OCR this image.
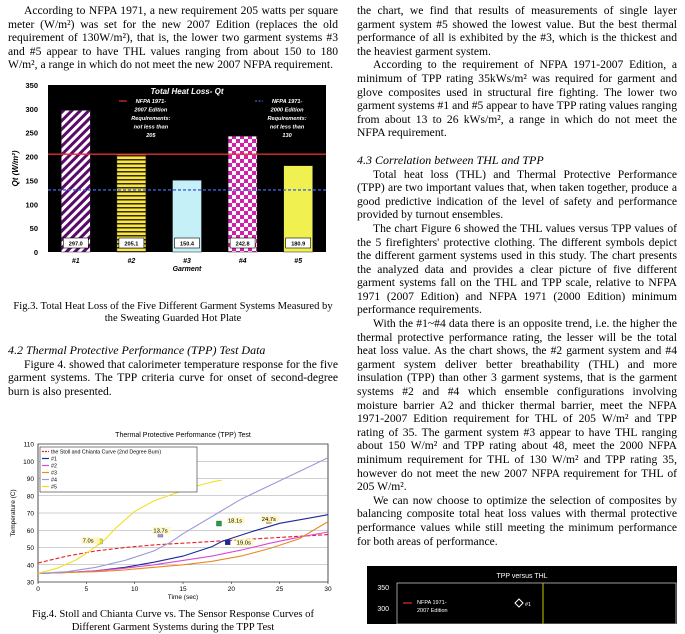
According to NFPA 1971, a new requirement 205 watts per square meter (W/m²) was set for the new 2007 Edition (replaces the old requirement of 130W/m²), that is, the lower two garment systems #3 and #5 appear to have THL values ranging from about 150 to 180 W/m², a range in which do not meet the new 2007 NFPA requirement.

Total Heat Loss- Qt
0
50
100
150
200
250
300
350
Qt (W/m²)
297.0
#1
205.1
#2
150.4
#3
242.8
#4
180.9
#5
Garment
NFPA 1971-
2007 Edition
Requirements:
not less than
205
NFPA 1971-
2000 Edition
Requirements:
not less than
130

Fig.3. Total Heat Loss of the Five Different Garment Systems Measured by the Sweating Guarded Hot Plate

4.2 Thermal Protective Performance (TPP) Test Data

Figure 4. showed that calorimeter temperature response for the five garment systems. The TPP criteria curve for onset of second-degree burn is also presented.

Thermal Protective Performance (TPP) Test
30
40
50
60
70
80
90
100
110
0	5	10	15	20	25	30
Time (sec)
Temperature (C)
the Stoll and Chianta Curve (2nd Degree Burn)
#1
#2
#3
#4
#5
7.0s
13.7s
18.1s
19.0s
24.7s

Fig.4. Stoll and Chianta Curve vs. The Sensor Response Curves of

Different Garment Systems during the TPP Test

the chart, we find that results of measurements of single layer garment system #5 showed the lowest value. But the best thermal performance of all is exhibited by the #3, which is the thickest and the heaviest garment system.

According to the requirement of NFPA 1971-2007 Edition, a minimum of TPP rating 35kWs/m² was required for garment and glove composites used in structural fire fighting. The lower two garment systems #1 and #5 appear to have TPP rating values ranging from about 13 to 26 kWs/m², a range in which do not meet the NFPA requirement.

4.3 Correlation between THL and TPP

Total heat loss (THL) and Thermal Protective Performance (TPP) are two important values that, when taken together, produce a good predictive indication of the level of safety and performance provided by turnout ensembles.

The chart Figure 6 showed the THL values versus TPP values of the 5 firefighters' protective clothing. The different symbols depict the different garment systems used in this study. The chart presents the analyzed data and provides a clear picture of five different garment systems fall on the THL and TPP scale, relative to NFPA 1971 (2007 Edition) and NFPA 1971 (2000 Edition) minimum performance requirements.

With the #1~#4 data there is an opposite trend, i.e. the higher the thermal protective performance rating, the lesser will be the total heat loss value. As the chart shows, the #2 garment system and #4 garment system deliver better breathability (THL) and more insulation (TPP) than other 3 garment systems, that is the garment systems #2 and #4 which ensemble configurations involving moisture barrier A2 and thicker thermal barrier, meet the NFPA 1971-2007 Edition requirement for THL of 205 W/m² and TPP rating of 35. The garment system #3 appear to have THL ranging about 150 W/m² and TPP rating about 48, meet the 2000 NFPA minimum requirement for THL of 130 W/m² and TPP rating 35, however do not meet the new 2007 NFPA requirement for THL of 205 W/m².

We can now choose to optimize the selection of composites by balancing composite total heat loss values with thermal protective performance values while still meeting the minimum performance for both areas of performance.

TPP versus THL
350
300
NFPA 1971-
2007 Edition
#1
